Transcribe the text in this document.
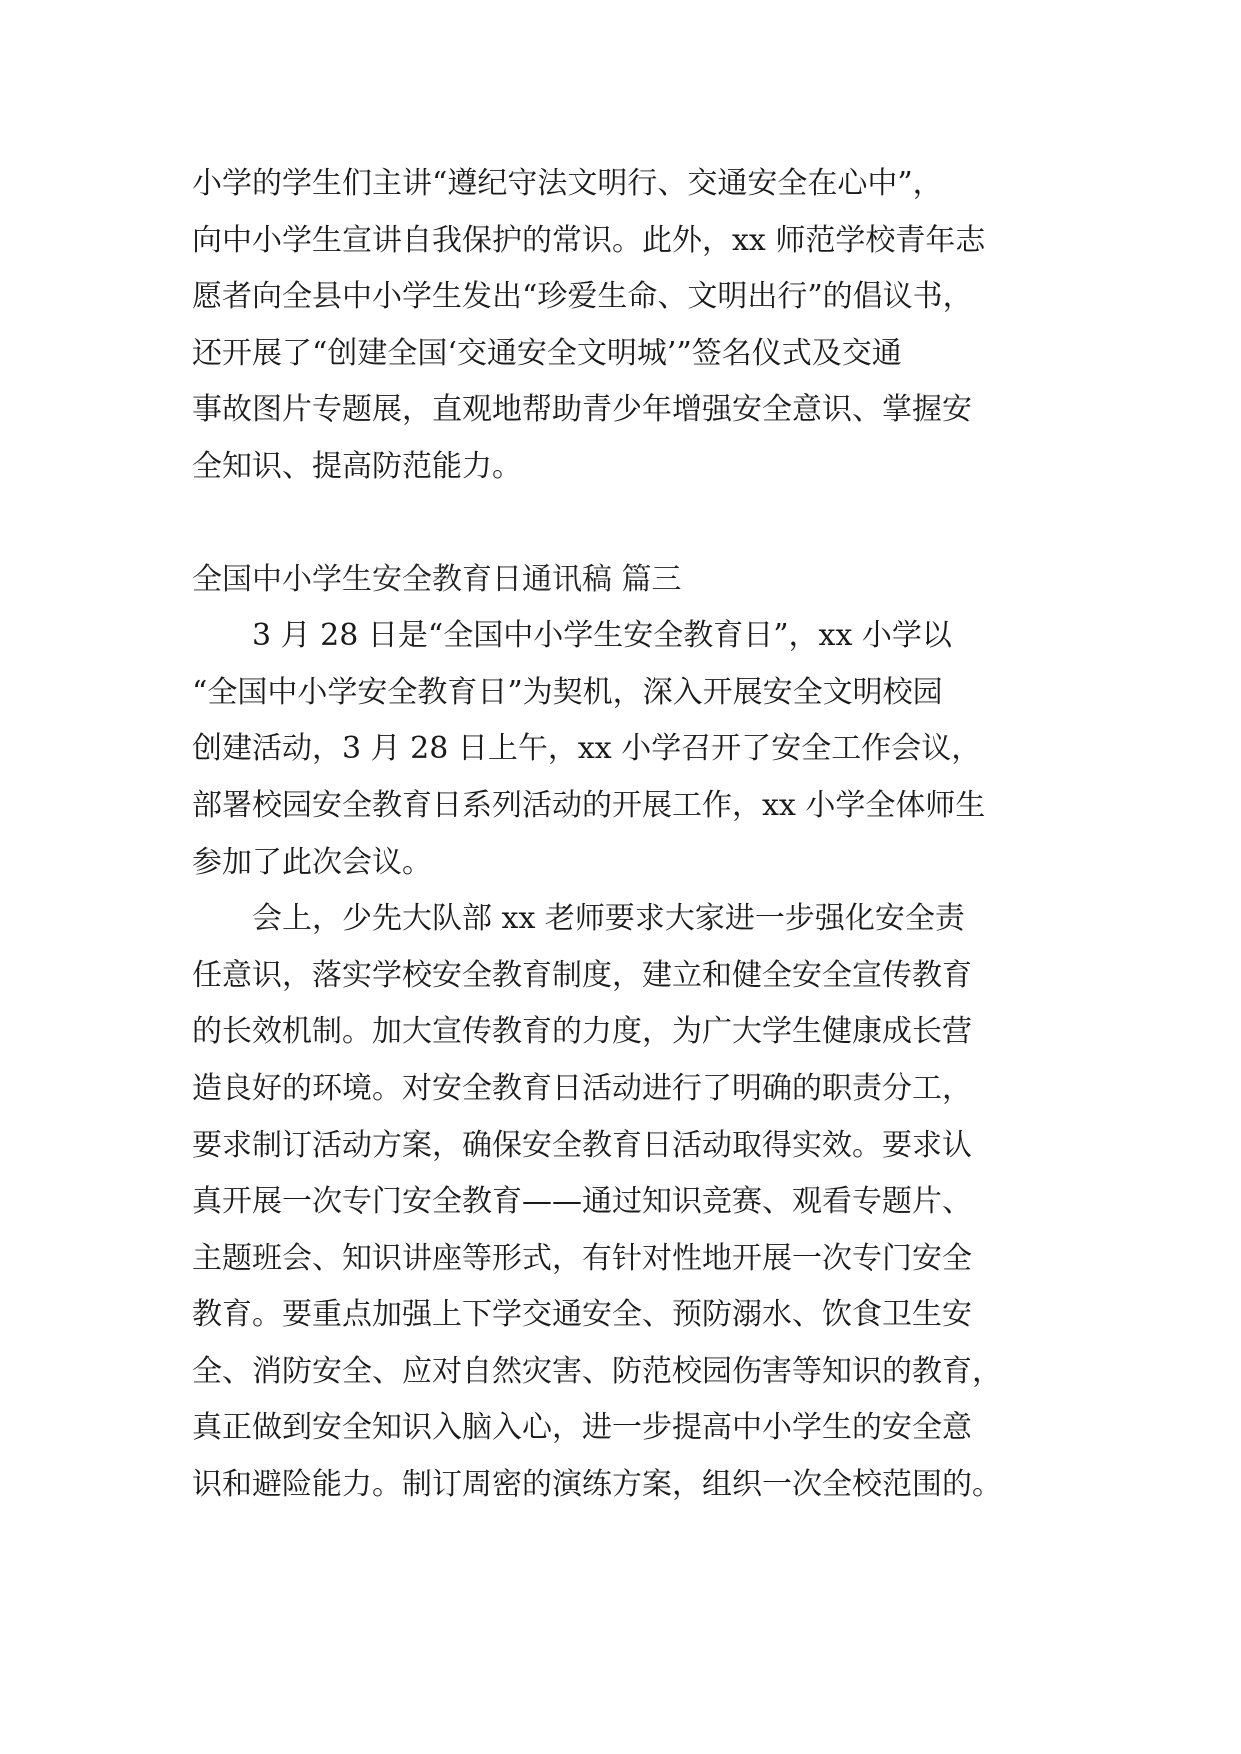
小学的学生们主讲“遵纪守法文明行、交通安全在心中”，
向中小学生宣讲自我保护的常识。此外，xx 师范学校青年志
愿者向全县中小学生发出“珍爱生命、文明出行”的倡议书，
还开展了“创建全国‘交通安全文明城’”签名仪式及交通
事故图片专题展，直观地帮助青少年增强安全意识、掌握安
全知识、提高防范能力。
全国中小学生安全教育日通讯稿 篇三
3 月 28 日是“全国中小学生安全教育日”，xx 小学以
“全国中小学安全教育日”为契机，深入开展安全文明校园
创建活动，3 月 28 日上午，xx 小学召开了安全工作会议，
部署校园安全教育日系列活动的开展工作，xx 小学全体师生
参加了此次会议。
会上，少先大队部 xx 老师要求大家进一步强化安全责
任意识，落实学校安全教育制度，建立和健全安全宣传教育
的长效机制。加大宣传教育的力度，为广大学生健康成长营
造良好的环境。对安全教育日活动进行了明确的职责分工，
要求制订活动方案，确保安全教育日活动取得实效。要求认
真开展一次专门安全教育——通过知识竞赛、观看专题片、
主题班会、知识讲座等形式，有针对性地开展一次专门安全
教育。要重点加强上下学交通安全、预防溺水、饮食卫生安
全、消防安全、应对自然灾害、防范校园伤害等知识的教育，
真正做到安全知识入脑入心，进一步提高中小学生的安全意
识和避险能力。制订周密的演练方案，组织一次全校范围的。
